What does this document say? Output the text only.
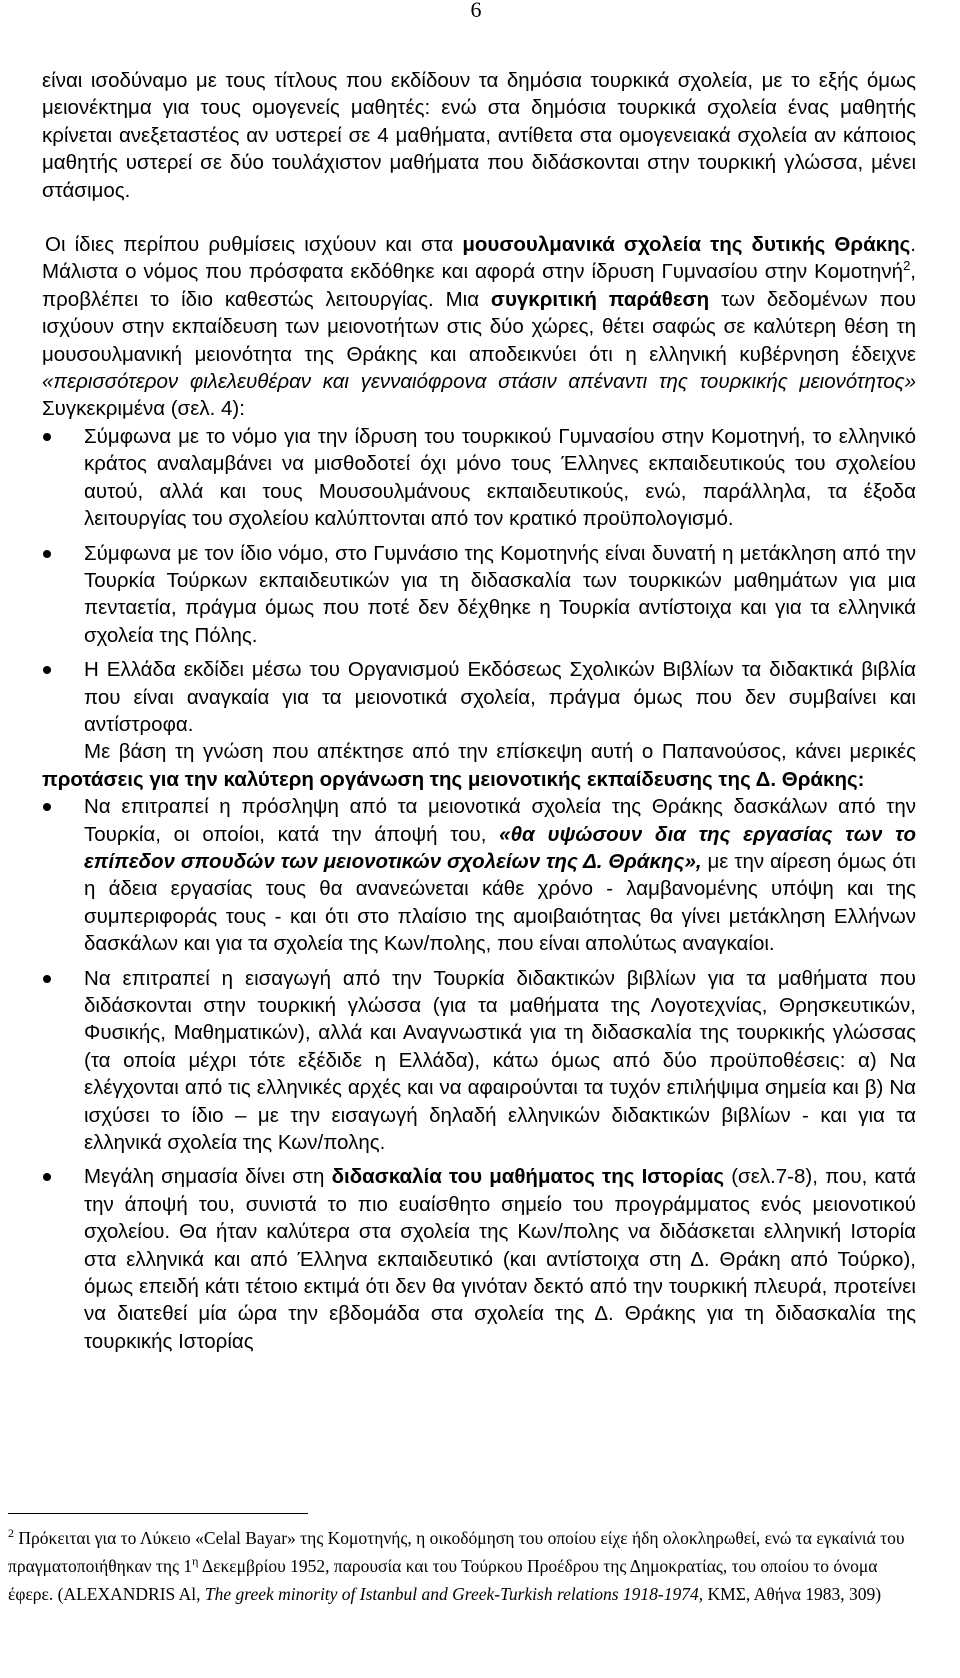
6

είναι ισοδύναμο με τους τίτλους που εκδίδουν τα δημόσια τουρκικά σχολεία, με το εξής όμως μειονέκτημα για τους ομογενείς μαθητές: ενώ στα δημόσια τουρκικά σχολεία ένας μαθητής κρίνεται ανεξεταστέος αν υστερεί σε 4 μαθήματα, αντίθετα στα ομογενειακά σχολεία αν κάποιος μαθητής υστερεί σε δύο τουλάχιστον μαθήματα που διδάσκονται στην τουρκική γλώσσα, μένει στάσιμος.

Οι ίδιες περίπου ρυθμίσεις ισχύουν και στα μουσουλμανικά σχολεία της δυτικής Θράκης. Μάλιστα ο νόμος που πρόσφατα εκδόθηκε και αφορά στην ίδρυση Γυμνασίου στην Κομοτηνή$^2$, προβλέπει το ίδιο καθεστώς λειτουργίας. Μια συγκριτική παράθεση των δεδομένων που ισχύουν στην εκπαίδευση των μειονοτήτων στις δύο χώρες, θέτει σαφώς σε καλύτερη θέση τη μουσουλμανική μειονότητα της Θράκης και αποδεικνύει ότι η ελληνική κυβέρνηση έδειχνε «περισσότερον φιλελευθέραν και γενναιόφρονα στάσιν απέναντι της τουρκικής μειονότητος» Συγκεκριμένα (σελ. 4):

Σύμφωνα με το νόμο για την ίδρυση του τουρκικού Γυμνασίου στην Κομοτηνή, το ελληνικό κράτος αναλαμβάνει να μισθοδοτεί όχι μόνο τους Έλληνες εκπαιδευτικούς του σχολείου αυτού, αλλά και τους Μουσουλμάνους εκπαιδευτικούς, ενώ, παράλληλα, τα έξοδα λειτουργίας του σχολείου καλύπτονται από τον κρατικό προϋπολογισμό.
Σύμφωνα με τον ίδιο νόμο, στο Γυμνάσιο της Κομοτηνής είναι δυνατή η μετάκληση από την Τουρκία Τούρκων εκπαιδευτικών για τη διδασκαλία των τουρκικών μαθημάτων για μια πενταετία, πράγμα όμως που ποτέ δεν δέχθηκε η Τουρκία αντίστοιχα και για τα ελληνικά σχολεία της Πόλης.
Η Ελλάδα εκδίδει μέσω του Οργανισμού Εκδόσεως Σχολικών Βιβλίων τα διδακτικά βιβλία που είναι αναγκαία για τα μειονοτικά σχολεία, πράγμα όμως που δεν συμβαίνει και αντίστροφα.

Με βάση τη γνώση που απέκτησε από την επίσκεψη αυτή ο Παπανούσος, κάνει μερικές προτάσεις για την καλύτερη οργάνωση της μειονοτικής εκπαίδευσης της Δ. Θράκης:

Να επιτραπεί η πρόσληψη από τα μειονοτικά σχολεία της Θράκης δασκάλων από την Τουρκία, οι οποίοι, κατά την άποψή του, «θα υψώσουν δια της εργασίας των το επίπεδον σπουδών των μειονοτικών σχολείων της Δ. Θράκης», με την αίρεση όμως ότι η άδεια εργασίας τους θα ανανεώνεται κάθε χρόνο - λαμβανομένης υπόψη και της συμπεριφοράς τους - και ότι στο πλαίσιο της αμοιβαιότητας θα γίνει μετάκληση Ελλήνων δασκάλων και για τα σχολεία της Κων/πολης, που είναι απολύτως αναγκαίοι.
Να επιτραπεί η εισαγωγή από την Τουρκία διδακτικών βιβλίων για τα μαθήματα που διδάσκονται στην τουρκική γλώσσα (για τα μαθήματα της Λογοτεχνίας, Θρησκευτικών, Φυσικής, Μαθηματικών), αλλά και Αναγνωστικά για τη διδασκαλία της τουρκικής γλώσσας (τα οποία μέχρι τότε εξέδιδε η Ελλάδα), κάτω όμως από δύο προϋποθέσεις: α) Να ελέγχονται από τις ελληνικές αρχές και να αφαιρούνται τα τυχόν επιλήψιμα σημεία και β) Να ισχύσει το ίδιο – με την εισαγωγή δηλαδή ελληνικών διδακτικών βιβλίων - και για τα ελληνικά σχολεία της Κων/πολης.
Μεγάλη σημασία δίνει στη διδασκαλία του μαθήματος της Ιστορίας (σελ.7-8), που, κατά την άποψή του, συνιστά το πιο ευαίσθητο σημείο του προγράμματος ενός μειονοτικού σχολείου. Θα ήταν καλύτερα στα σχολεία της Κων/πολης να διδάσκεται ελληνική Ιστορία στα ελληνικά και από Έλληνα εκπαιδευτικό (και αντίστοιχα στη Δ. Θράκη από Τούρκο), όμως επειδή κάτι τέτοιο εκτιμά ότι δεν θα γινόταν δεκτό από την τουρκική πλευρά, προτείνει να διατεθεί μία ώρα την εβδομάδα στα σχολεία της Δ. Θράκης για τη διδασκαλία της τουρκικής Ιστορίας
$^2$ Πρόκειται για το Λύκειο «Celal Bayar» της Κομοτηνής, η οικοδόμηση του οποίου είχε ήδη ολοκληρωθεί, ενώ τα εγκαίνιά του πραγματοποιήθηκαν της $1^\eta$ Δεκεμβρίου 1952, παρουσία και του Τούρκου Προέδρου της Δημοκρατίας, του οποίου το όνομα έφερε. (ALEXANDRIS Al, The greek minority of Istanbul and Greek-Turkish relations 1918-1974, ΚΜΣ, Αθήνα 1983, 309)
